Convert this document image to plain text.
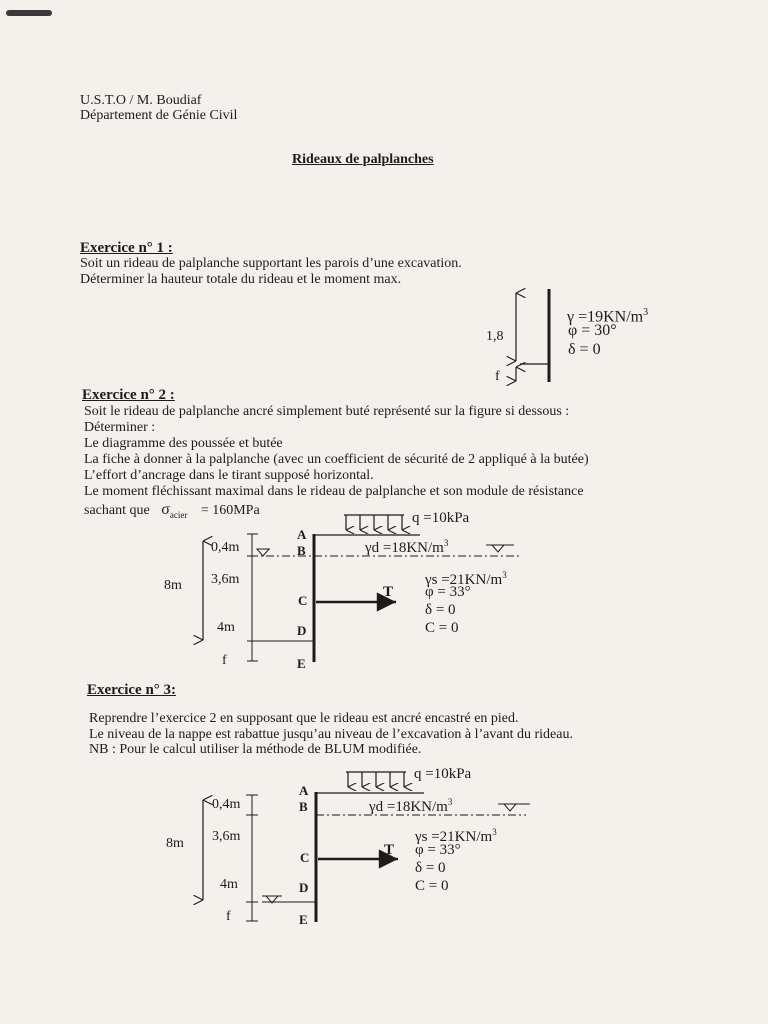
U.S.T.O / M. Boudiaf
Département de Génie Civil
Rideaux de palplanches
Exercice n° 1 :
Soit un rideau de palplanche supportant les parois d’une excavation.
Déterminer la hauteur totale du rideau et le moment max.
1,8
f
$\gamma =19KN/m^3$
φ = 30°
δ = 0
Exercice n° 2 :
Soit le rideau de palplanche ancré simplement buté représenté sur la figure si dessous :
Déterminer :
Le diagramme des poussée et butée
La fiche à donner à la palplanche (avec un coefficient de sécurité de 2 appliqué à la butée)
L’effort d’ancrage dans le tirant supposé horizontal.
Le moment fléchissant maximal dans le rideau de palplanche et son module de résistance
sachant que $\sigma_{acier} = 160MPa$	q =10kPa
$\gamma d =18KN/m^3$
$\gamma s =21KN/m^3$
φ = 33°
δ = 0
C = 0
8m
0,4m
3,6m
4m
f
A
B
C
D
E
T
Exercice n° 3:
Reprendre l’exercice 2 en supposant que le rideau est ancré encastré en pied.
Le niveau de la nappe est rabattue jusqu’au niveau de l’excavation à l’avant du rideau.
NB : Pour le calcul utiliser la méthode de BLUM modifiée.
q =10kPa
$\gamma d =18KN/m^3$
$\gamma s =21KN/m^3$
φ = 33°
δ = 0
C = 0
8m
0,4m
3,6m
4m
f
A
B
C
D
E
T
